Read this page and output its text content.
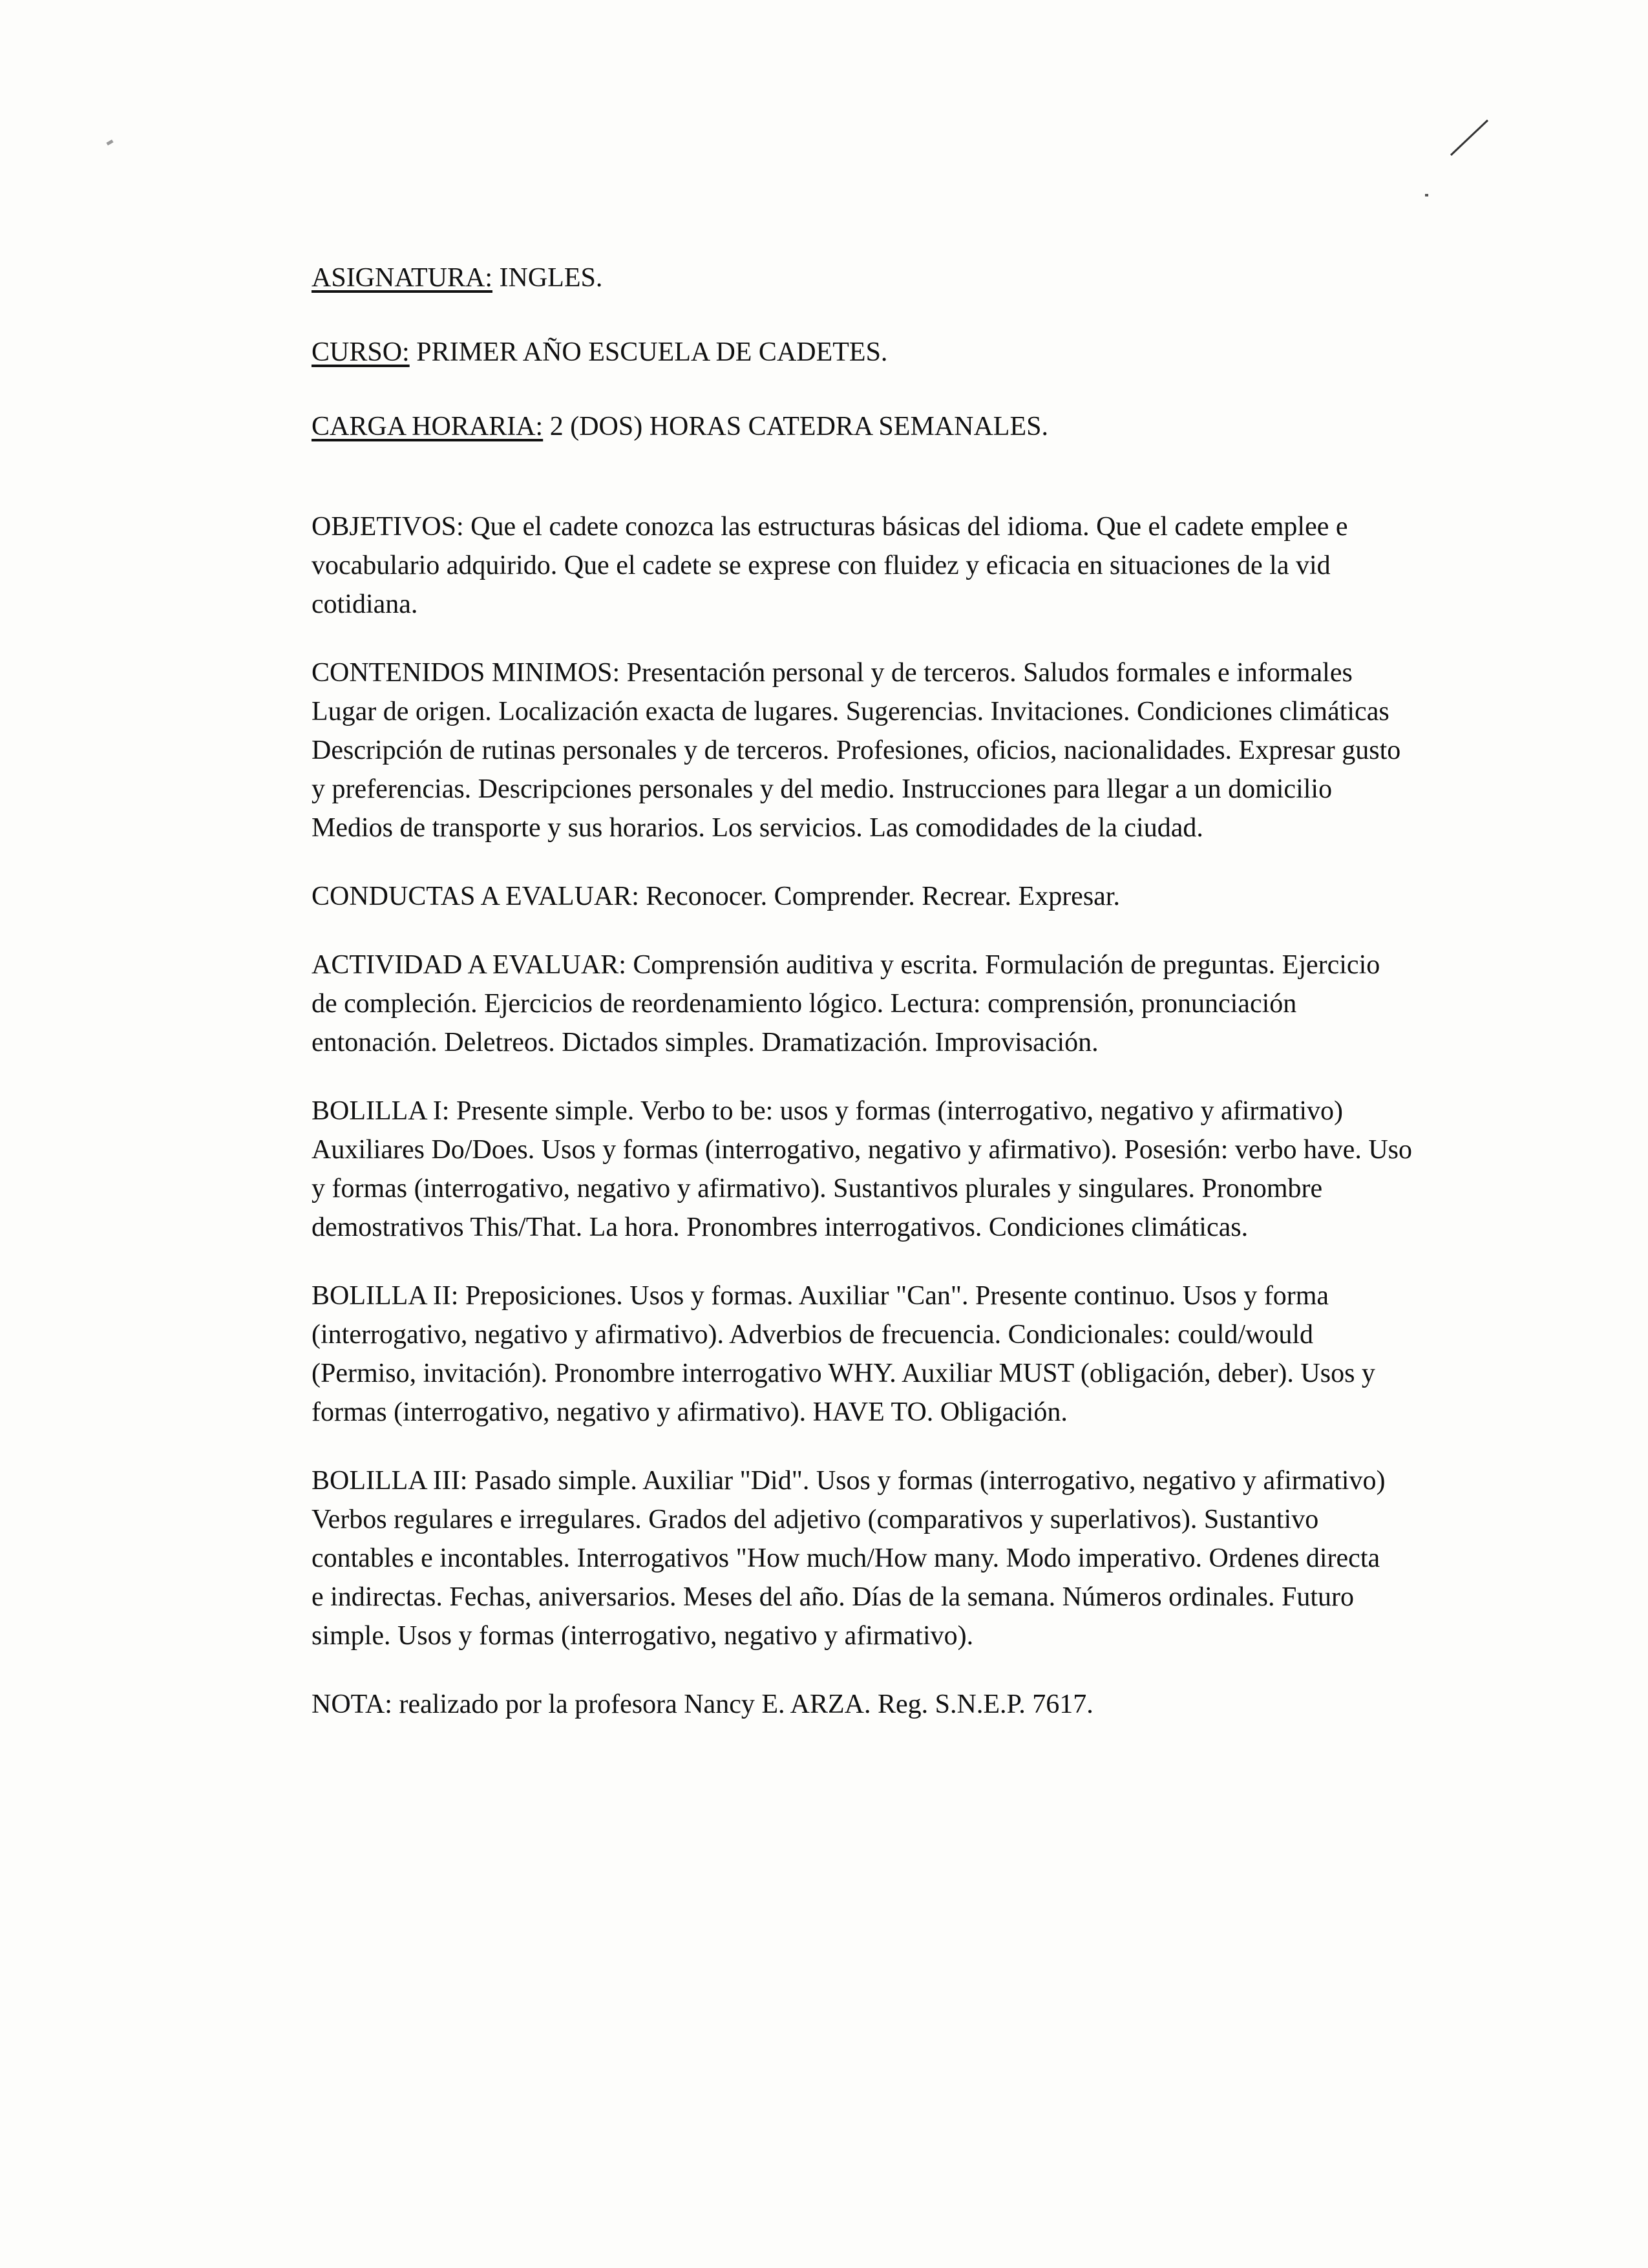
ASIGNATURA: INGLES.

CURSO: PRIMER AÑO ESCUELA DE CADETES.

CARGA HORARIA: 2 (DOS) HORAS CATEDRA SEMANALES.

OBJETIVOS: Que el cadete conozca las estructuras básicas del idioma. Que el cadete emplee e

vocabulario adquirido. Que el cadete se exprese con fluidez y eficacia en situaciones de la vid

cotidiana.

CONTENIDOS MINIMOS: Presentación personal y de terceros. Saludos formales e informales

Lugar de origen. Localización exacta de lugares. Sugerencias. Invitaciones. Condiciones climáticas

Descripción de rutinas personales y de terceros. Profesiones, oficios, nacionalidades. Expresar gusto

y preferencias. Descripciones personales y del medio. Instrucciones para llegar a un domicilio

Medios de transporte y sus horarios. Los servicios. Las comodidades de la ciudad.

CONDUCTAS A EVALUAR: Reconocer. Comprender. Recrear. Expresar.

ACTIVIDAD A EVALUAR: Comprensión auditiva y escrita. Formulación de preguntas. Ejercicio

de compleción. Ejercicios de reordenamiento lógico. Lectura: comprensión, pronunciación

entonación. Deletreos. Dictados simples. Dramatización. Improvisación.

BOLILLA I: Presente simple. Verbo to be: usos y formas (interrogativo, negativo y afirmativo)

Auxiliares Do/Does. Usos y formas (interrogativo, negativo y afirmativo). Posesión: verbo have. Uso

y formas (interrogativo, negativo y afirmativo). Sustantivos plurales y singulares. Pronombre

demostrativos This/That. La hora. Pronombres interrogativos. Condiciones climáticas.

BOLILLA II: Preposiciones. Usos y formas. Auxiliar "Can". Presente continuo. Usos y forma

(interrogativo, negativo y afirmativo). Adverbios de frecuencia. Condicionales: could/would

(Permiso, invitación). Pronombre interrogativo WHY. Auxiliar MUST (obligación, deber). Usos y

formas (interrogativo, negativo y afirmativo). HAVE TO. Obligación.

BOLILLA III: Pasado simple. Auxiliar "Did". Usos y formas (interrogativo, negativo y afirmativo)

Verbos regulares e irregulares. Grados del adjetivo (comparativos y superlativos). Sustantivo

contables e incontables. Interrogativos "How much/How many. Modo imperativo. Ordenes directa

e indirectas. Fechas, aniversarios. Meses del año. Días de la semana. Números ordinales. Futuro

simple. Usos y formas (interrogativo, negativo y afirmativo).

NOTA: realizado por la profesora Nancy E. ARZA. Reg. S.N.E.P. 7617.
